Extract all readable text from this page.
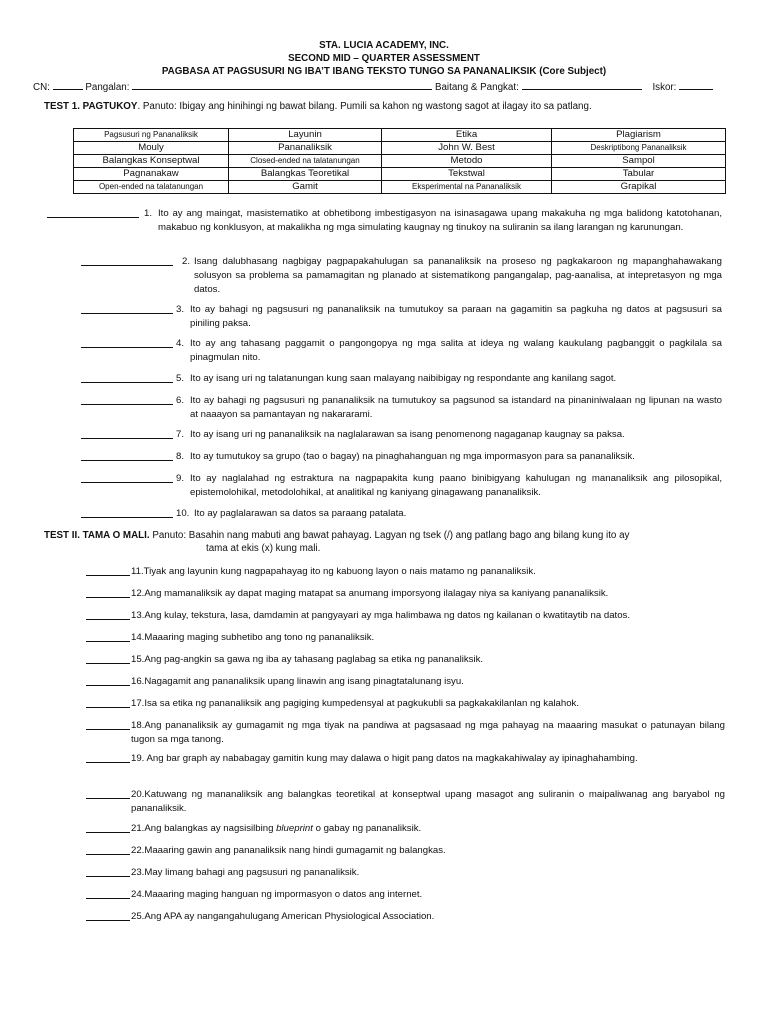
STA. LUCIA ACADEMY, INC.
SECOND MID – QUARTER ASSESSMENT
PAGBASA AT PAGSUSURI NG IBA’T IBANG TEKSTO TUNGO SA PANANALIKSIK (Core Subject)
CN:	Pangalan:	Baitang & Pangkat:	Iskor:
TEST 1. PAGTUKOY. Panuto: Ibigay ang hinihingi ng bawat bilang. Pumili sa kahon ng wastong sagot at ilagay ito sa patlang.
Pagsusuri ng Pananaliksik	Layunin	Etika	Plagiarism
Mouly	Pananaliksik	John W. Best	Deskriptibong Pananaliksik
Balangkas Konseptwal	Closed-ended na talatanungan	Metodo	Sampol
Pagnanakaw	Balangkas Teoretikal	Tekstwal	Tabular
Open-ended na talatanungan	Gamit	Eksperimental na Pananaliksik	Grapikal
1. Ito ay ang maingat, masistematiko at obhetibong imbestigasyon na isinasagawa upang makakuha ng mga balidong katotohanan, makabuo ng konklusyon, at makalikha ng mga simulating kaugnay ng tinukoy na suliranin sa ilang larangan ng karunungan.
2. Isang dalubhasang nagbigay pagpapakahulugan sa pananaliksik na proseso ng pagkakaroon ng mapanghahawakang solusyon sa problema sa pamamagitan ng planado at sistematikong pangangalap, pag-aanalisa, at intepretasyon ng mga datos.
3. Ito ay bahagi ng pagsusuri ng pananaliksik na tumutukoy sa paraan na gagamitin sa pagkuha ng datos at pagsusuri sa piniling paksa.
4. Ito ay ang tahasang paggamit o pangongopya ng mga salita at ideya ng walang kaukulang pagbanggit o pagkilala sa pinagmulan nito.
5. Ito ay isang uri ng talatanungan kung saan malayang naibibigay ng respondante ang kanilang sagot.
6. Ito ay bahagi ng pagsusuri ng pananaliksik na tumutukoy sa pagsunod sa istandard na pinaniniwalaan ng lipunan na wasto at naaayon sa pamantayan ng nakararami.
7. Ito ay isang uri ng pananaliksik na naglalarawan sa isang penomenong nagaganap kaugnay sa paksa.
8. Ito ay tumutukoy sa grupo (tao o bagay) na pinaghahanguan ng mga impormasyon para sa pananaliksik.
9. Ito ay naglalahad ng estraktura na nagpapakita kung paano binibigyang kahulugan ng mananaliksik ang pilosopikal, epistemolohikal, metodolohikal, at analitikal ng kaniyang ginagawang pananaliksik.
10. Ito ay paglalarawan sa datos sa paraang patalata.
TEST II. TAMA O MALI. Panuto: Basahin nang mabuti ang bawat pahayag. Lagyan ng tsek (/) ang patlang bago ang bilang kung ito ay
tama at ekis (x) kung mali.
11.Tiyak ang layunin kung nagpapahayag ito ng kabuong layon o nais matamo ng pananaliksik.
12.Ang mamanaliksik ay dapat maging matapat sa anumang imporsyong ilalagay niya sa kaniyang pananaliksik.
13.Ang kulay, tekstura, lasa, damdamin at pangyayari ay mga halimbawa ng datos ng kailanan o kwatitaytib na datos.
14.Maaaring maging subhetibo ang tono ng pananaliksik.
15.Ang pag-angkin sa gawa ng iba ay tahasang paglabag sa etika ng pananaliksik.
16.Nagagamit ang pananaliksik upang linawin ang isang pinagtatalunang isyu.
17.Isa sa etika ng pananaliksik ang pagiging kumpedensyal at pagkukubli sa pagkakakilanlan ng kalahok.
18.Ang pananaliksik ay gumagamit ng mga tiyak na pandiwa at pagsasaad ng mga pahayag na maaaring masukat o patunayan bilang tugon sa mga tanong.
19. Ang bar graph ay nababagay gamitin kung may dalawa o higit pang datos na magkakahiwalay ay ipinaghahambing.
20.Katuwang ng mananaliksik ang balangkas teoretikal at konseptwal upang masagot ang suliranin o maipaliwanag ang baryabol ng pananaliksik.
21.Ang balangkas ay nagsisilbing blueprint o gabay ng pananaliksik.
22.Maaaring gawin ang pananaliksik nang hindi gumagamit ng balangkas.
23.May limang bahagi ang pagsusuri ng pananaliksik.
24.Maaaring maging hanguan ng impormasyon o datos ang internet.
25.Ang APA ay nangangahulugang American Physiological Association.
